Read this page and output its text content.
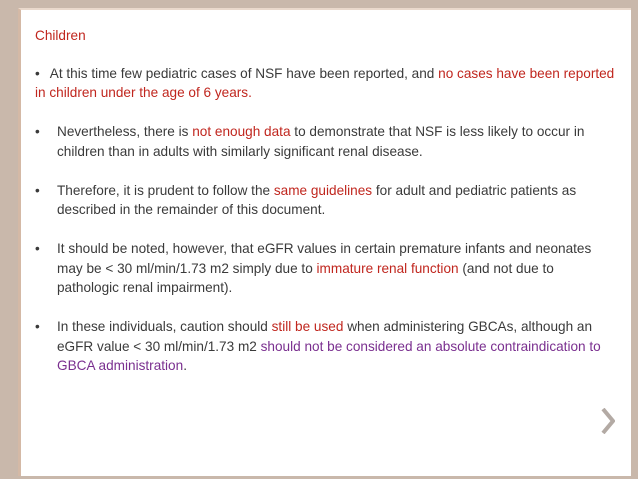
Children
• At this time few pediatric cases of NSF have been reported, and no cases have been reported in children under the age of 6 years.
• Nevertheless, there is not enough data to demonstrate that NSF is less likely to occur in children than in adults with similarly significant renal disease.
• Therefore, it is prudent to follow the same guidelines for adult and pediatric patients as described in the remainder of this document.
• It should be noted, however, that eGFR values in certain premature infants and neonates may be < 30 ml/min/1.73 m2 simply due to immature renal function (and not due to pathologic renal impairment).
• In these individuals, caution should still be used when administering GBCAs, although an eGFR value < 30 ml/min/1.73 m2 should not be considered an absolute contraindication to GBCA administration.
